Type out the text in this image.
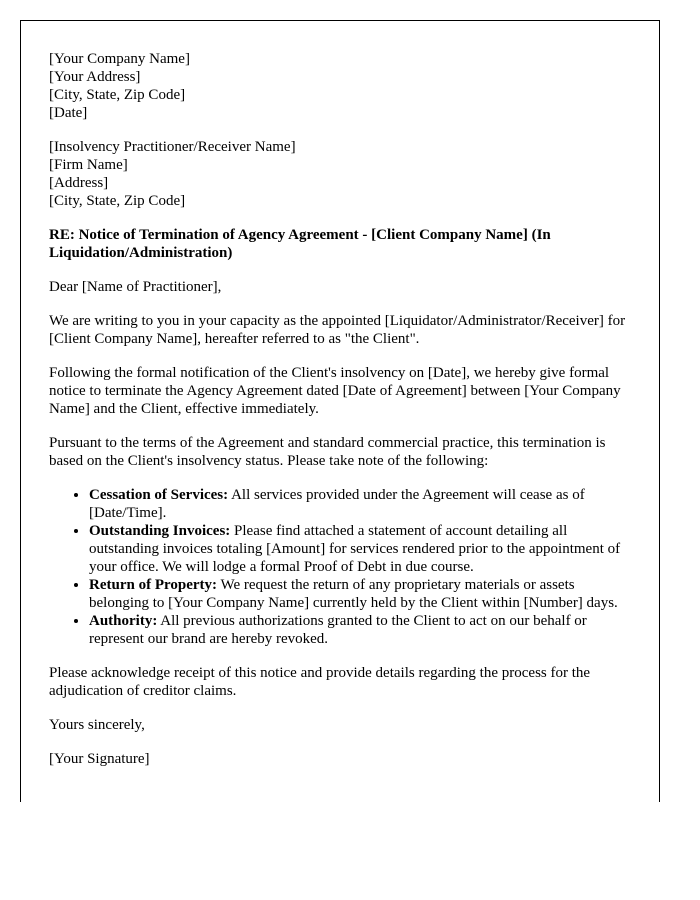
[Your Company Name]
[Your Address]
[City, State, Zip Code]
[Date]
[Insolvency Practitioner/Receiver Name]
[Firm Name]
[Address]
[City, State, Zip Code]

RE: Notice of Termination of Agency Agreement - [Client Company Name] (In Liquidation/Administration)

Dear [Name of Practitioner],

We are writing to you in your capacity as the appointed [Liquidator/Administrator/Receiver] for [Client Company Name], hereafter referred to as "the Client".

Following the formal notification of the Client's insolvency on [Date], we hereby give formal notice to terminate the Agency Agreement dated [Date of Agreement] between [Your Company Name] and the Client, effective immediately.

Pursuant to the terms of the Agreement and standard commercial practice, this termination is based on the Client's insolvency status. Please take note of the following:

• Cessation of Services: All services provided under the Agreement will cease as of [Date/Time].
• Outstanding Invoices: Please find attached a statement of account detailing all outstanding invoices totaling [Amount] for services rendered prior to the appointment of your office. We will lodge a formal Proof of Debt in due course.
• Return of Property: We request the return of any proprietary materials or assets belonging to [Your Company Name] currently held by the Client within [Number] days.
• Authority: All previous authorizations granted to the Client to act on our behalf or represent our brand are hereby revoked.

Please acknowledge receipt of this notice and provide details regarding the process for the adjudication of creditor claims.

Yours sincerely,

[Your Signature]
